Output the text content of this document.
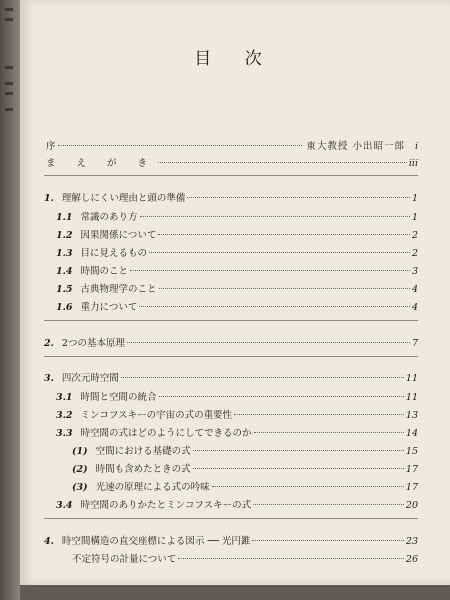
目 次
序	東大教授 小出昭一郎 i
ま え が き	iii
1. 理解しにくい理由と頭の準備	1
1.1 常識のあり方	1
1.2 因果関係について	2
1.3 目に見えるもの	2
1.4 時間のこと	3
1.5 古典物理学のこと	4
1.6 重力について	4
2. 2つの基本原理	7
3. 四次元時空間	11
3.1 時間と空間の統合	11
3.2 ミンコフスキーの宇宙の式の重要性	13
3.3 時空間の式はどのようにしてできるのか	14
(1) 空間における基礎の式	15
(2) 時間も含めたときの式	17
(3) 光速の原理による式の吟味	17
3.4 時空間のありかたとミンコフスキーの式	20
4. 時空間構造の直交座標による図示 ── 光円錐	23
不定符号の計量について	26
